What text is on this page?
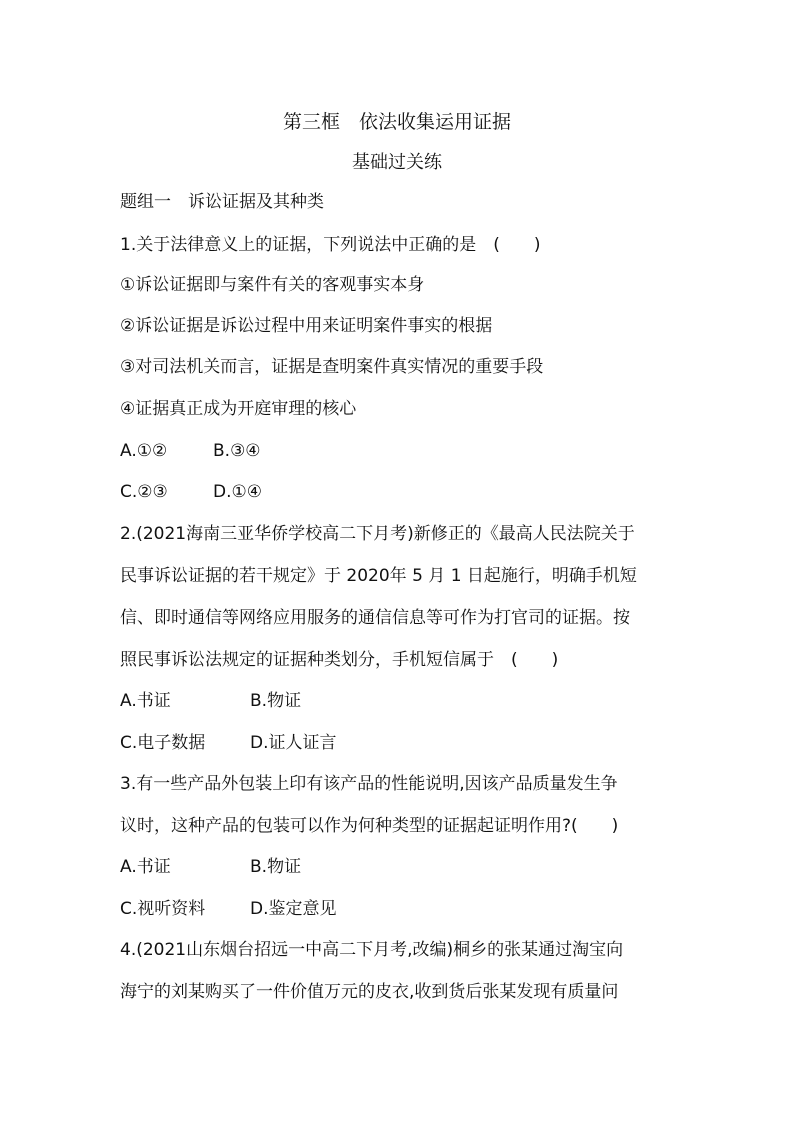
第三框　依法收集运用证据
基础过关练
题组一　诉讼证据及其种类
1.关于法律意义上的证据，下列说法中正确的是　(　　)
①诉讼证据即与案件有关的客观事实本身
②诉讼证据是诉讼过程中用来证明案件事实的根据
③对司法机关而言，证据是查明案件真实情况的重要手段
④证据真正成为开庭审理的核心
A.①②	B.③④
C.②③	D.①④
2.(2021海南三亚华侨学校高二下月考)新修正的《最高人民法院关于
民事诉讼证据的若干规定》于 2020年 5 月 1 日起施行，明确手机短
信、即时通信等网络应用服务的通信信息等可作为打官司的证据。按
照民事诉讼法规定的证据种类划分，手机短信属于　(　　)
A.书证	B.物证
C.电子数据	D.证人证言
3.有一些产品外包装上印有该产品的性能说明,因该产品质量发生争
议时，这种产品的包装可以作为何种类型的证据起证明作用?(　　)
A.书证	B.物证
C.视听资料	D.鉴定意见
4.(2021山东烟台招远一中高二下月考,改编)桐乡的张某通过淘宝向
海宁的刘某购买了一件价值万元的皮衣,收到货后张某发现有质量问
